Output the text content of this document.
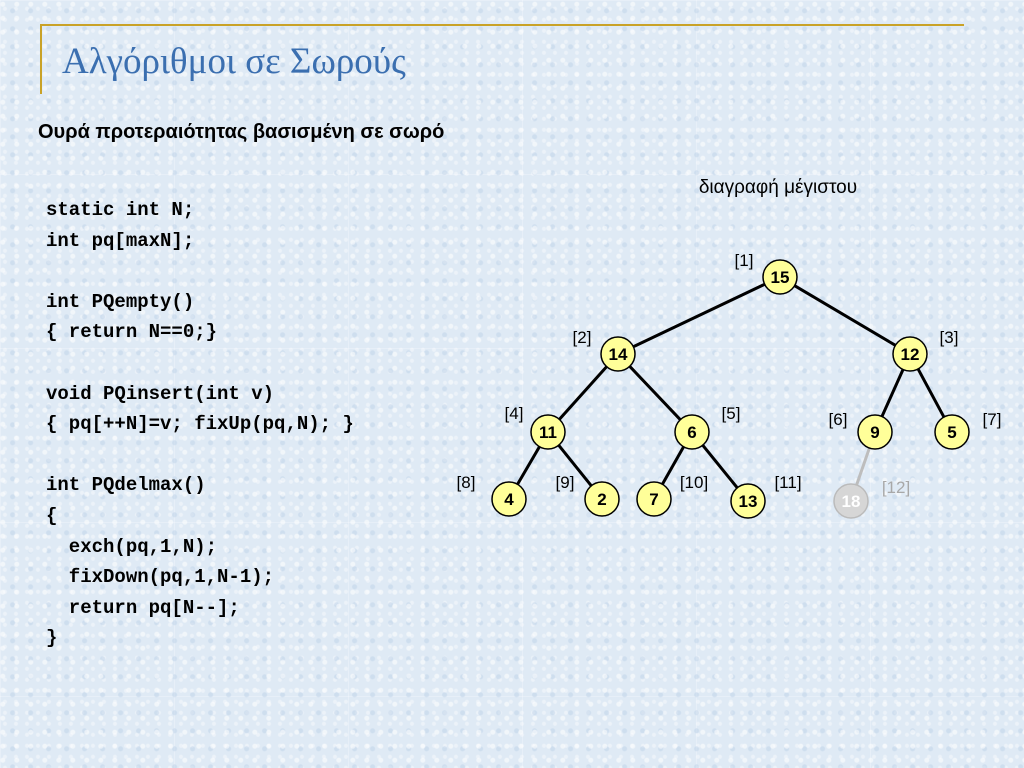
Αλγόριθμοι σε Σωρούς
Ουρά προτεραιότητας βασισμένη σε σωρό
static int N;
int pq[maxN];
int PQempty()
{ return N==0;}
void PQinsert(int v)
{ pq[++N]=v; fixUp(pq,N); }
int PQdelmax()
{
exch(pq,1,N);
fixDown(pq,1,N-1);
return pq[N--];
}
διαγραφή μέγιστου
15
[1]
14
[2]
12
[3]
11
[4]
6
[5]
9
[6]
5
[7]
4
[8]
2
[9]
7
[10]
13
[11]
18
[12]
